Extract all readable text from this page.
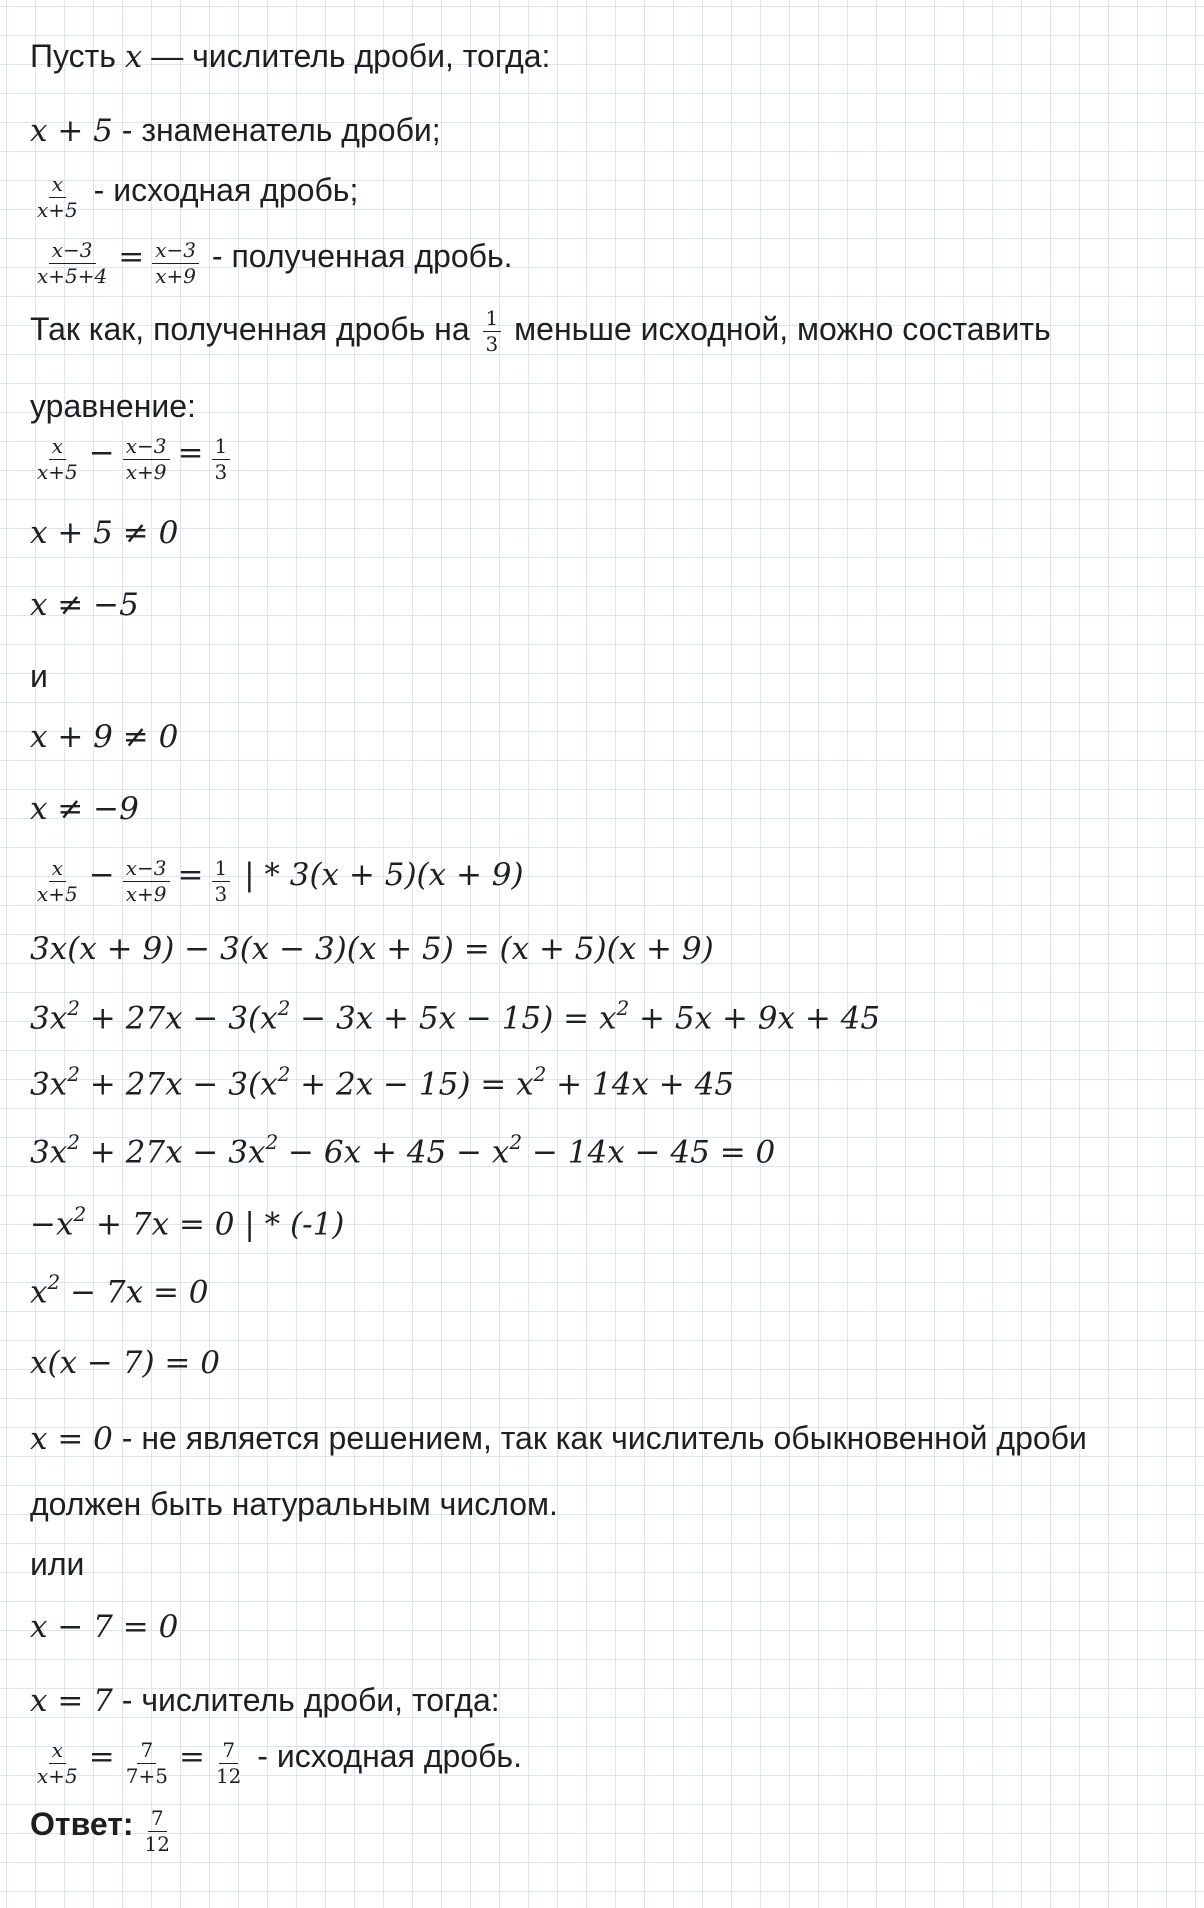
Пусть x — числитель дроби, тогда:
x + 5 - знаменатель дроби;
$\frac{x}{x+5}$ - исходная дробь;
$\frac{x-3}{x+5+4} = \frac{x-3}{x+9}$ - полученная дробь.
Так как, полученная дробь на $\frac{1}{3}$ меньше исходной, можно составить
уравнение:
$\frac{x}{x+5} - \frac{x-3}{x+9} = \frac{1}{3}$
x + 5 ≠ 0
x ≠ −5
и
x + 9 ≠ 0
x ≠ −9
$\frac{x}{x+5} - \frac{x-3}{x+9} = \frac{1}{3}$ | * 3(x + 5)(x + 9)
3x(x + 9) − 3(x − 3)(x + 5) = (x + 5)(x + 9)
$3x^2 + 27x - 3(x^2 - 3x + 5x - 15) = x^2 + 5x + 9x + 45$
$3x^2 + 27x - 3(x^2 + 2x - 15) = x^2 + 14x + 45$
$3x^2 + 27x - 3x^2 - 6x + 45 - x^2 - 14x - 45 = 0$
$-x^2 + 7x = 0$ | * (-1)
$x^2 - 7x = 0$
x(x − 7) = 0
x = 0 - не является решением, так как числитель обыкновенной дроби
должен быть натуральным числом.
или
x − 7 = 0
x = 7 - числитель дроби, тогда:
$\frac{x}{x+5} = \frac{7}{7+5} = \frac{7}{12}$ - исходная дробь.
Ответ: $\frac{7}{12}$
